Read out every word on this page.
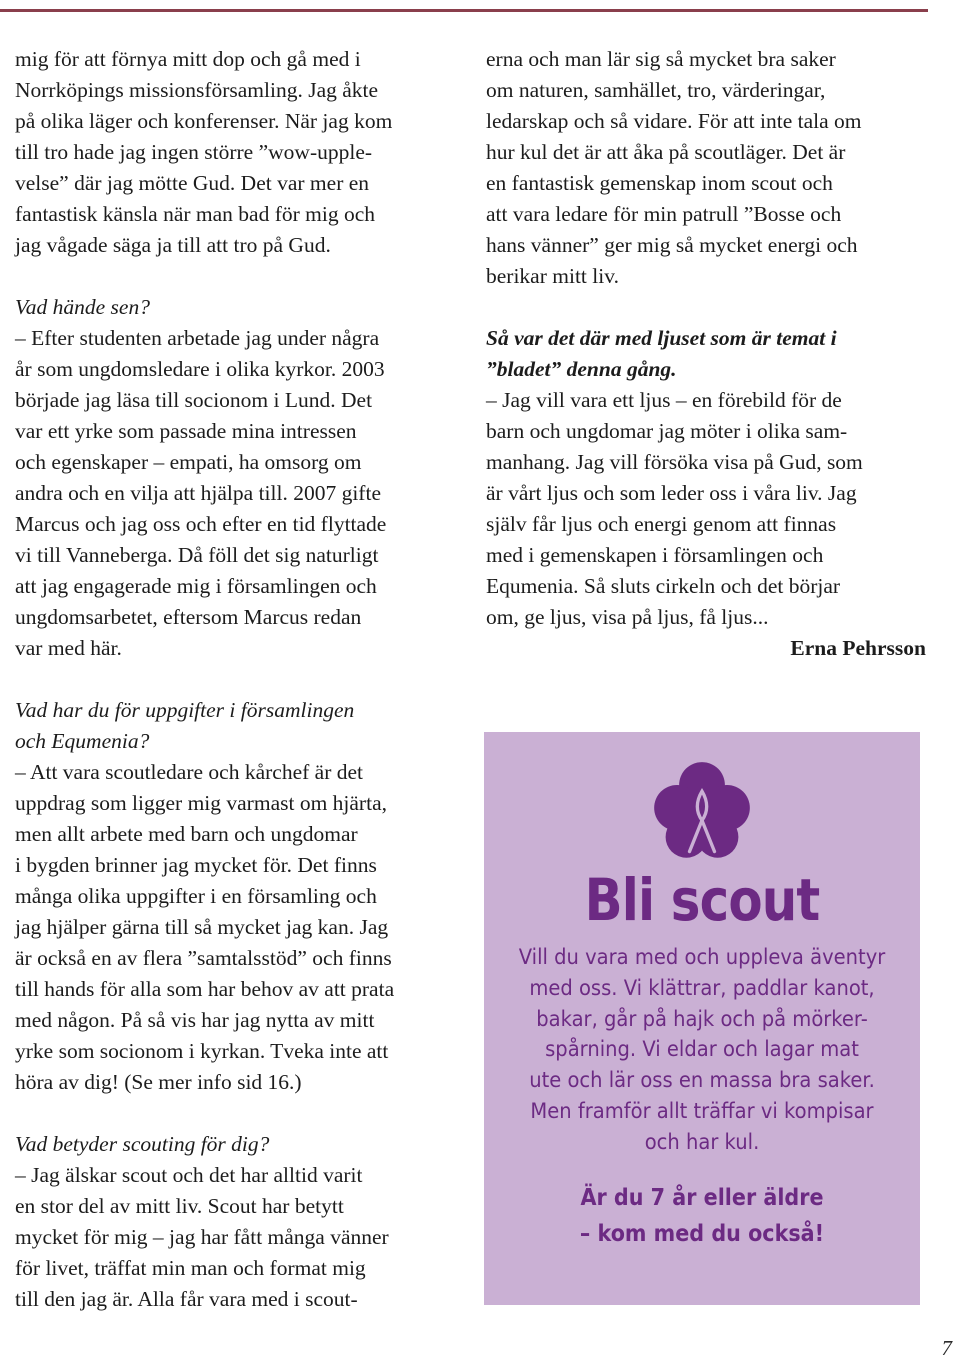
mig för att förnya mitt dop och gå med i
Norrköpings missionsförsamling. Jag åkte
på olika läger och konferenser. När jag kom
till tro hade jag ingen större ”wow-upple-
velse” där jag mötte Gud. Det var mer en
fantastisk känsla när man bad för mig och
jag vågade säga ja till att tro på Gud.
Vad hände sen?
– Efter studenten arbetade jag under några
år som ungdomsledare i olika kyrkor. 2003
började jag läsa till socionom i Lund. Det
var ett yrke som passade mina intressen
och egenskaper – empati, ha omsorg om
andra och en vilja att hjälpa till. 2007 gifte
Marcus och jag oss och efter en tid flyttade
vi till Vanneberga. Då föll det sig naturligt
att jag engagerade mig i församlingen och
ungdomsarbetet, eftersom Marcus redan
var med här.
Vad har du för uppgifter i församlingen
och Equmenia?
– Att vara scoutledare och kårchef är det
uppdrag som ligger mig varmast om hjärta,
men allt arbete med barn och ungdomar
i bygden brinner jag mycket för. Det finns
många olika uppgifter i en församling och
jag hjälper gärna till så mycket jag kan. Jag
är också en av flera ”samtalsstöd” och finns
till hands för alla som har behov av att prata
med någon. På så vis har jag nytta av mitt
yrke som socionom i kyrkan. Tveka inte att
höra av dig! (Se mer info sid 16.)
Vad betyder scouting för dig?
– Jag älskar scout och det har alltid varit
en stor del av mitt liv. Scout har betytt
mycket för mig – jag har fått många vänner
för livet, träffat min man och format mig
till den jag är. Alla får vara med i scout-
erna och man lär sig så mycket bra saker
om naturen, samhället, tro, värderingar,
ledarskap och så vidare. För att inte tala om
hur kul det är att åka på scoutläger. Det är
en fantastisk gemenskap inom scout och
att vara ledare för min patrull ”Bosse och
hans vänner” ger mig så mycket energi och
berikar mitt liv.
Så var det där med ljuset som är temat i
”bladet” denna gång.
– Jag vill vara ett ljus – en förebild för de
barn och ungdomar jag möter i olika sam-
manhang. Jag vill försöka visa på Gud, som
är vårt ljus och som leder oss i våra liv. Jag
själv får ljus och energi genom att finnas
med i gemenskapen i församlingen och
Equmenia. Så sluts cirkeln och det börjar
om, ge ljus, visa på ljus, få ljus...
Erna Pehrsson
Bli scout
Vill du vara med och uppleva äventyr
med oss. Vi klättrar, paddlar kanot,
bakar, går på hajk och på mörker-
spårning. Vi eldar och lagar mat
ute och lär oss en massa bra saker.
Men framför allt träffar vi kompisar
och har kul.
Är du 7 år eller äldre
– kom med du också!
7
